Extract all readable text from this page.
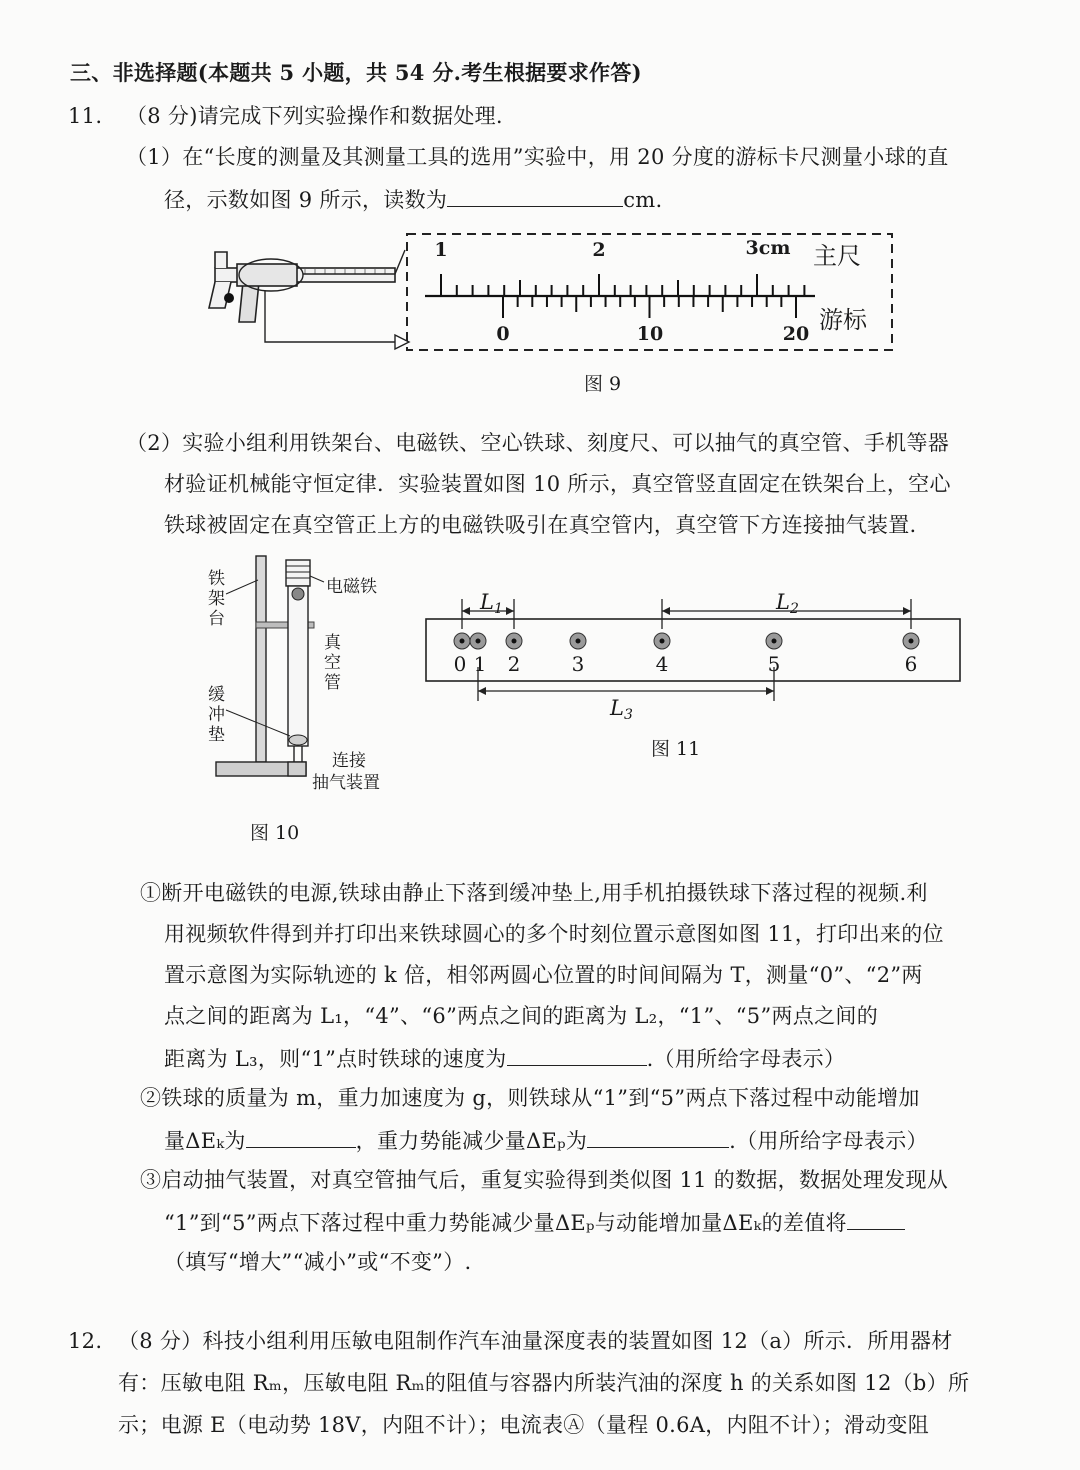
三、非选择题(本题共 5 小题，共 54 分.考生根据要求作答)
11. （8 分)请完成下列实验操作和数据处理.
（1）在“长度的测量及其测量工具的选用”实验中，用 20 分度的游标卡尺测量小球的直
径，示数如图 9 所示，读数为	cm.
1	2	3cm
0	10	20
主尺
游标
图 9
（2）实验小组利用铁架台、电磁铁、空心铁球、刻度尺、可以抽气的真空管、手机等器
材验证机械能守恒定律．实验装置如图 10 所示，真空管竖直固定在铁架台上，空心
铁球被固定在真空管正上方的电磁铁吸引在真空管内，真空管下方连接抽气装置.
铁
架
台
电磁铁
真
空
管
缓
冲
垫
连接
抽气装置
图 10
0 1 2	3	4	5	6
L1	L2
L3
图 11
①断开电磁铁的电源,铁球由静止下落到缓冲垫上,用手机拍摄铁球下落过程的视频.利
用视频软件得到并打印出来铁球圆心的多个时刻位置示意图如图 11，打印出来的位
置示意图为实际轨迹的 k 倍，相邻两圆心位置的时间间隔为 T，测量“0”、“2”两
点之间的距离为 L₁，“4”、“6”两点之间的距离为 L₂，“1”、“5”两点之间的
距离为 L₃，则“1”点时铁球的速度为	.（用所给字母表示）
②铁球的质量为 m，重力加速度为 g，则铁球从“1”到“5”两点下落过程中动能增加
量ΔEₖ为	，重力势能减少量ΔEₚ为	.（用所给字母表示）
③启动抽气装置，对真空管抽气后，重复实验得到类似图 11 的数据，数据处理发现从
“1”到“5”两点下落过程中重力势能减少量ΔEₚ与动能增加量ΔEₖ的差值将
（填写“增大”“减小”或“不变”）.
12. （8 分）科技小组利用压敏电阻制作汽车油量深度表的装置如图 12（a）所示．所用器材
有：压敏电阻 Rₘ，压敏电阻 Rₘ的阻值与容器内所装汽油的深度 h 的关系如图 12（b）所
示；电源 E（电动势 18V，内阻不计）；电流表Ⓐ（量程 0.6A，内阻不计）；滑动变阻
